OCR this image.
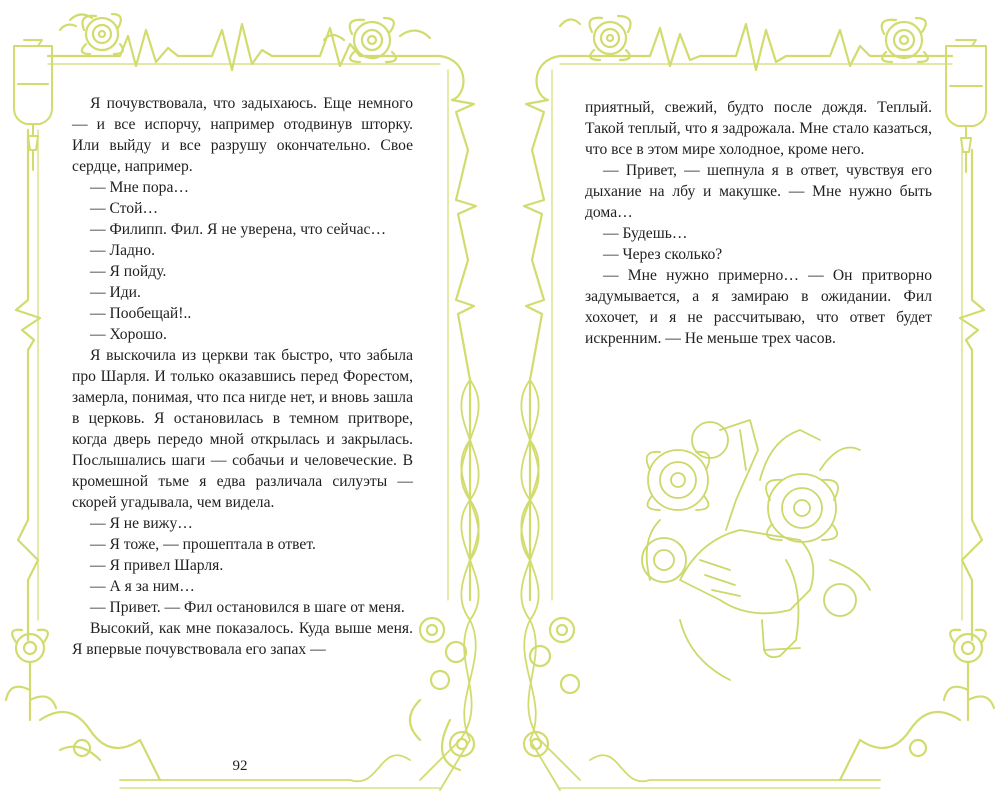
Я почувствовала, что задыхаюсь. Еще немного — и все испорчу, например отодвинув шторку. Или выйду и все разрушу окончательно. Свое сердце, например.

— Мне пора…

— Стой…

— Филипп. Фил. Я не уверена, что сейчас…

— Ладно.

— Я пойду.

— Иди.

— Пообещай!..

— Хорошо.

Я выскочила из церкви так быстро, что забыла про Шарля. И только оказавшись перед Форестом, замерла, понимая, что пса нигде нет, и вновь зашла в церковь. Я остановилась в темном притворе, когда дверь передо мной открылась и закрылась. Послышались шаги — собачьи и человеческие. В кромешной тьме я едва различала силуэты — скорей угадывала, чем видела.

— Я не вижу…

— Я тоже, — прошептала в ответ.

— Я привел Шарля.

— А я за ним…

— Привет. — Фил остановился в шаге от меня.

Высокий, как мне показалось. Куда выше меня. Я впервые почувствовала его запах —

92

приятный, свежий, будто после дождя. Теплый. Такой теплый, что я задрожала. Мне стало казаться, что все в этом мире холодное, кроме него.

— Привет, — шепнула я в ответ, чувствуя его дыхание на лбу и макушке. — Мне нужно быть дома…

— Будешь…

— Через сколько?

— Мне нужно примерно… — Он притворно задумывается, а я замираю в ожидании. Фил хохочет, и я не рассчитываю, что ответ будет искренним. — Не меньше трех часов.
